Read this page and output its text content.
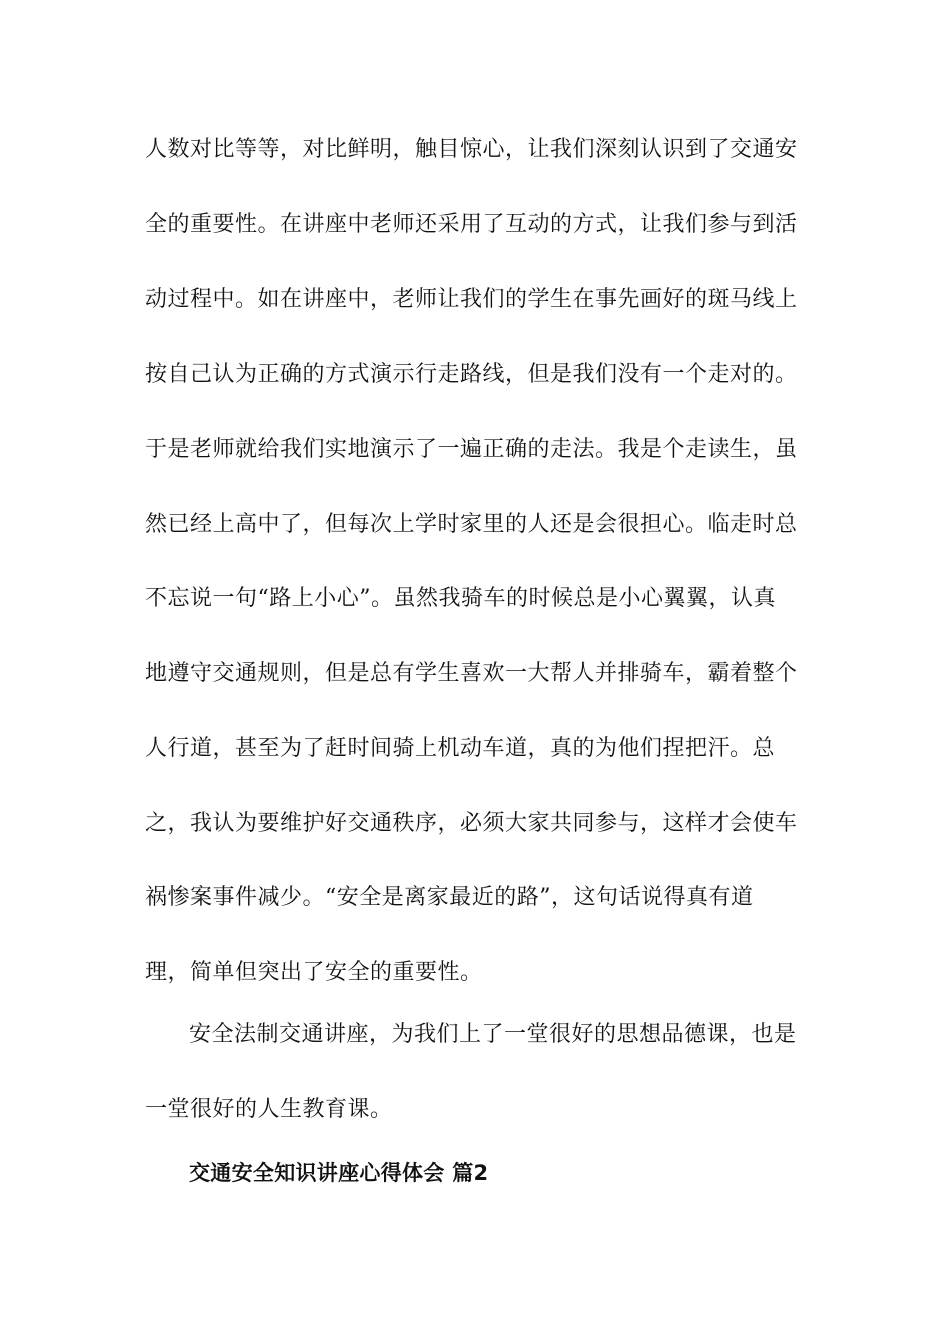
人数对比等等，对比鲜明，触目惊心，让我们深刻认识到了交通安
全的重要性。在讲座中老师还采用了互动的方式，让我们参与到活
动过程中。如在讲座中，老师让我们的学生在事先画好的斑马线上
按自己认为正确的方式演示行走路线，但是我们没有一个走对的。
于是老师就给我们实地演示了一遍正确的走法。我是个走读生，虽
然已经上高中了，但每次上学时家里的人还是会很担心。临走时总
不忘说一句“路上小心”。虽然我骑车的时候总是小心翼翼，认真
地遵守交通规则，但是总有学生喜欢一大帮人并排骑车，霸着整个
人行道，甚至为了赶时间骑上机动车道，真的为他们捏把汗。总
之，我认为要维护好交通秩序，必须大家共同参与，这样才会使车
祸惨案事件减少。“安全是离家最近的路”，这句话说得真有道
理，简单但突出了安全的重要性。
安全法制交通讲座，为我们上了一堂很好的思想品德课，也是
一堂很好的人生教育课。
交通安全知识讲座心得体会 篇2
